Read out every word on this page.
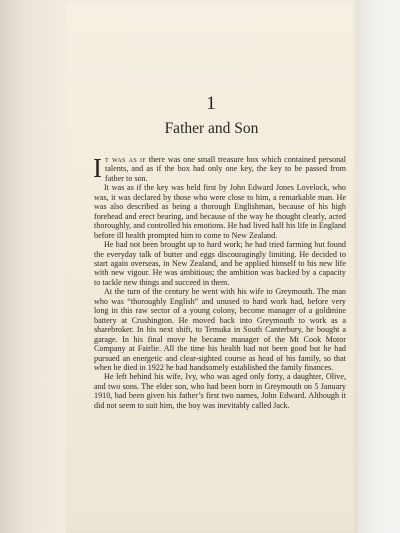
1
Father and Son

It was as if there was one small treasure box which contained personal talents, and as if the box had only one key, the key to be passed from father to son.

It was as if the key was held first by John Edward Jones Lovelock, who was, it was declared by those who were close to him, a remarkable man. He was also described as being a thorough Englishman, because of his high forehead and erect bearing, and because of the way he thought clearly, acted thoroughly, and controlled his emotions. He had lived half his life in England before ill health prompted him to come to New Zealand.

He had not been brought up to hard work; he had tried farming but found the everyday talk of butter and eggs discouragingly limiting. He decided to start again overseas, in New Zealand, and he applied himself to his new life with new vigour. He was ambitious; the ambition was backed by a capacity to tackle new things and succeed in them.

At the turn of the century he went with his wife to Greymouth. The man who was “thoroughly English” and unused to hard work had, before very long in this raw sector of a young colony, become manager of a goldmine battery at Crushington. He moved back into Greymouth to work as a sharebroker. In his next shift, to Temuka in South Canterbury, he bought a garage. In his final move he became manager of the Mt Cook Motor Company at Fairlie. All the time his health had not been good but he had pursued an energetic and clear-sighted course as head of his family, so that when he died in 1922 he had handsomely established the family finances.

He left behind his wife, Ivy, who was aged only forty, a daughter, Olive, and two sons. The elder son, who had been born in Greymouth on 5 January 1910, had been given his father’s first two names, John Edward. Although it did not seem to suit him, the boy was inevitably called Jack.
